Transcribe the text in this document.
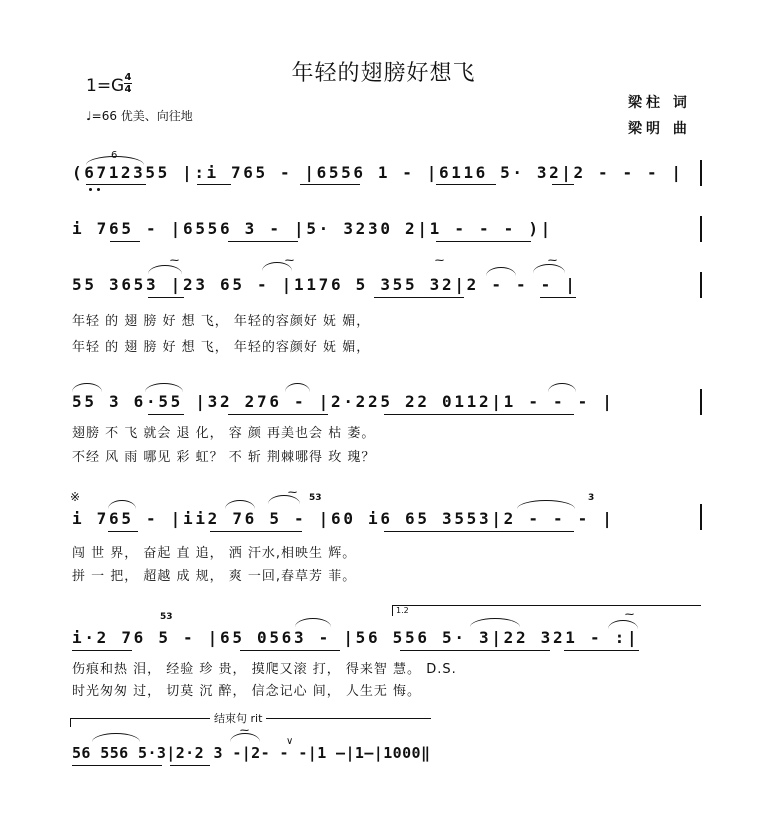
年轻的翅膀好想飞
1=G 4
4
♩=66 优美、向往地
梁柱 词
梁明 曲
6
(6712355 |:i 765 - |6556 1 - |6116 5· 32|2 - - - |
i 765 - |6556 3 - |5· 3230 2|1 - - - )|
⁓	⁓	⁓	⁓
55 3653 |23 65 - |1176 5 355 32|2 - - - |
年轻 的 翅 膀 好 想 飞， 年轻的容颜好 妩 媚，
年轻 的 翅 膀 好 想 飞， 年轻的容颜好 妩 媚，
55 3 6·55 |32 276 - |2·225 22 0112|1 - - - |
翅膀 不 飞 就会 退 化， 容 颜 再美也会 枯 萎。
不经 风 雨 哪见 彩 虹？ 不 斩 荆棘哪得 玫 瑰？
※	53	3
⁓
i 765 - |ii2 76 5 - |60 i6 65 3553|2 - - - |
闯 世 界， 奋起 直 追， 洒 汗水,相映生 辉。
拼 一 把， 超越 成 规， 爽 一回,春草芳 菲。
1.2
53	⁓
i·2 76 5 - |65 0563 - |56 556 5· 3|22 321 - :|
伤痕和热 泪， 经验 珍 贵， 摸爬又滚 打， 得来智 慧。 D.S.
时光匆匆 过， 切莫 沉 醉， 信念记心 间， 人生无 悔。
结束句 rit
∨
⁓
56 556 5·3|2·2 3 -|2- - -|1 —|1—|1000‖
